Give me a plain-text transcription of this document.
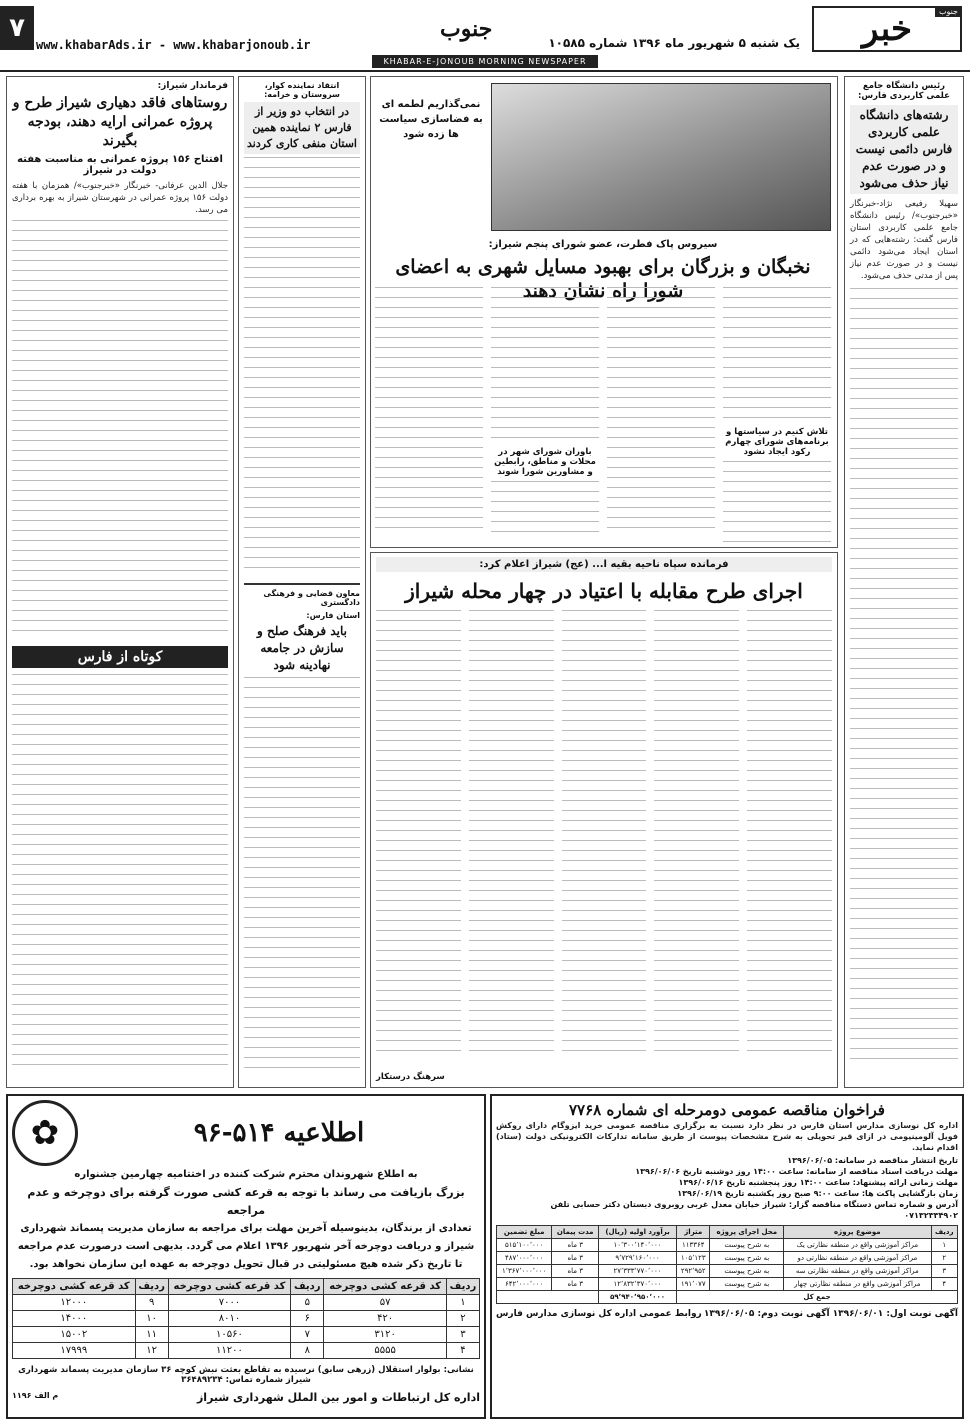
خبر	جنوب
یک شنبه ۵ شهریور ماه ۱۳۹۶ شماره ۱۰۵۸۵
جنوب
www.khabarAds.ir - www.khabarjonoub.ir
۷
KHABAR-E-JONOUB MORNING NEWSPAPER
رئیس دانشگاه جامع علمی کاربردی فارس:
رشته‌های دانشگاه علمی کاربردی فارس دائمی نیست و در صورت عدم نیاز حذف می‌شود
سهیلا رفیعی نژاد-خبرنگار «خبرجنوب»/ رئیس دانشگاه جامع علمی کاربردی استان فارس گفت: رشته‌هایی که در استان ایجاد می‌شود دائمی نیست و در صورت عدم نیاز پس از مدتی حذف می‌شود.
نمی‌گذاریم لطمه ای به فضاسازی سیاست ها زده شود
سیروس پاک فطرت، عضو شورای پنجم شیراز:
نخبگان و بزرگان برای بهبود مسایل شهری به اعضای شورا راه نشان دهند
تلاش کنیم در سیاستها و برنامه‌های شورای چهارم رکود ایجاد نشود
باوران شورای شهر در محلات و مناطق، رابطین و مشاورین شورا شوند
فرمانده سپاه ناحیه بقیه ا... (عج) شیراز اعلام کرد:
اجرای طرح مقابله با اعتیاد در چهار محله شیراز
سرهنگ درستکار
انتقاد نماینده کوار، سروستان و خرامه:
در انتخاب دو وزیر از فارس ۲ نماینده همین استان منفی کاری کردند
معاون قضایی و فرهنگی دادگستری
استان فارس:
باید فرهنگ صلح و سازش در جامعه نهادینه شود
فرماندار شیراز:
روستاهای فاقد دهیاری شیراز طرح و پروژه عمرانی ارایه دهند، بودجه بگیرند
افتتاح ۱۵۶ پروژه عمرانی به مناسبت هفته دولت در شیراز
جلال الدین عرفانی- خبرنگار «خبرجنوب»/ همزمان با هفته دولت ۱۵۶ پروژه عمرانی در شهرستان شیراز به بهره برداری می رسد.
کوتاه از فارس
فراخوان مناقصه عمومی دومرحله ای شماره ۷۷۶۸
اداره کل نوسازی مدارس استان فارس در نظر دارد نسبت به برگزاری مناقصه عمومی خرید ایزوگام دارای روکش فویل آلومینیومی در ازای قیر تحویلی به شرح مشخصات پیوست از طریق سامانه تدارکات الکترونیکی دولت (ستاد) اقدام نماید.
تاریخ انتشار مناقصه در سامانه: ۱۳۹۶/۰۶/۰۵
مهلت دریافت اسناد مناقصه از سامانه: ساعت ۱۴:۰۰ روز دوشنبه تاریخ ۱۳۹۶/۰۶/۰۶
مهلت زمانی ارائه پیشنهاد: ساعت ۱۴:۰۰ روز پنجشنبه تاریخ ۱۳۹۶/۰۶/۱۶
زمان بازگشایی پاکت ها: ساعت ۹:۰۰ صبح روز یکشنبه تاریخ ۱۳۹۶/۰۶/۱۹
آدرس و شماره تماس دستگاه مناقصه گزار: شیراز خیابان معدل غربی روبروی دبستان دکتر حسابی تلفن ۰۷۱۳۲۳۳۴۹۰۲
ردیف	موضوع پروژه	محل اجرای پروژه	متراژ	برآورد اولیه (ریال)	مدت پیمان	مبلغ تضمین
۱	مراکز آموزشی واقع در منطقه نظارتی یک	به شرح پیوست	۱۱۳۳۶۴	۱۰٬۳۰۰٬۱۴۰٬۰۰۰	۳ ماه	۵۱۵٬۱۰۰٬۰۰۰
۲	مراکز آموزشی واقع در منطقه نظارتی دو	به شرح پیوست	۱۰۵٬۱۲۳	۹٬۷۲۹٬۱۶۰٬۰۰۰	۳ ماه	۴۸۷٬۰۰۰٬۰۰۰
۳	مراکز آموزشی واقع در منطقه نظارتی سه	به شرح پیوست	۲۹۲٬۹۵۲	۲۷٬۳۳۳٬۷۷۰٬۰۰۰	۳ ماه	۱٬۳۶۷٬۰۰۰٬۰۰۰
۴	مراکز آموزشی واقع در منطقه نظارتی چهار	به شرح پیوست	۱۹۱٬۰۷۷	۱۲٬۸۳۲٬۳۷۰٬۰۰۰	۳ ماه	۶۴۲٬۰۰۰٬۰۰۰
جمع کل				۵۹٬۹۴۰٬۹۵۰٬۰۰۰		
آگهی نوبت اول: ۱۳۹۶/۰۶/۰۱ آگهی نوبت دوم: ۱۳۹۶/۰۶/۰۵
روابط عمومی اداره کل نوسازی مدارس فارس
اطلاعیه ۵۱۴-۹۶
✿
به اطلاع شهروندان محترم شرکت کننده در اختتامیه چهارمین جشنواره
بزرگ بازیافت می رساند با توجه به قرعه کشی صورت گرفته برای دوچرخه و عدم مراجعه
تعدادی از برندگان، بدینوسیله آخرین مهلت برای مراجعه به سازمان مدیریت پسماند شهرداری
شیراز و دریافت دوچرخه آخر شهریور ۱۳۹۶ اعلام می گردد. بدیهی است درصورت عدم مراجعه
تا تاریخ ذکر شده هیچ مسئولیتی در قبال تحویل دوچرخه به عهده این سازمان نخواهد بود.
ردیف	کد قرعه کشی دوچرخه	ردیف	کد قرعه کشی دوچرخه	ردیف	کد قرعه کشی دوچرخه
۱	۵۷	۵	۷۰۰۰	۹	۱۲۰۰۰
۲	۴۲۰	۶	۸۰۱۰	۱۰	۱۴۰۰۰
۳	۳۱۲۰	۷	۱۰۵۶۰	۱۱	۱۵۰۰۲
۴	۵۵۵۵	۸	۱۱۲۰۰	۱۲	۱۷۹۹۹
نشانی: بولوار استقلال (زرهی سابق) نرسیده به تقاطع بعثت نبش کوچه ۳۶ سازمان مدیریت پسماند شهرداری شیراز شماره تماس: ۳۶۴۸۹۲۳۴
اداره کل ارتباطات و امور بین الملل شهرداری شیراز
م الف ۱۱۹۶
